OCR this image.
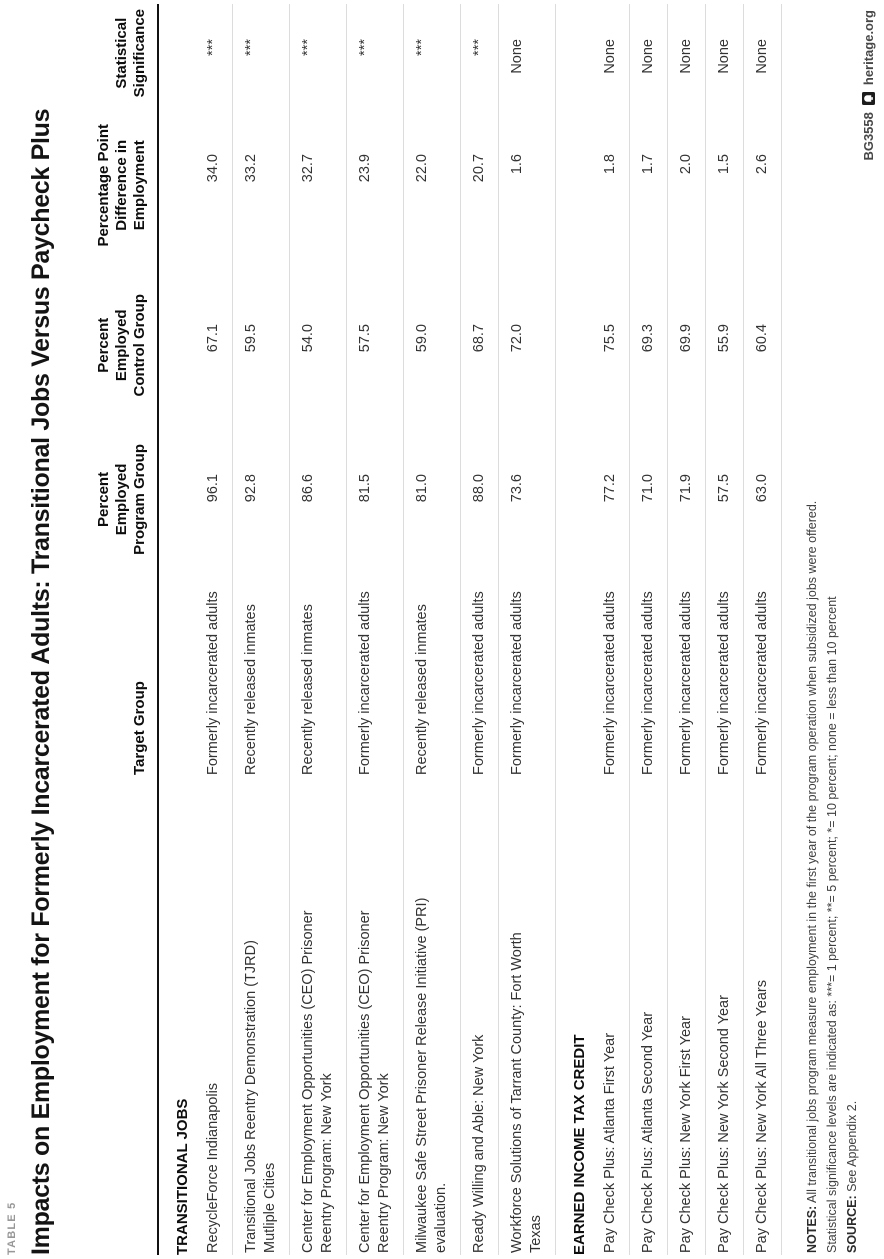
TABLE 5 Impacts on Employment for Formerly Incarcerated Adults: Transitional Jobs Versus Paycheck Plus	Target Group
Percent
Employed
Program Group
Percent
Employed
Control Group
Percentage Point
Difference in
Employment
Statistical
Significance
TRANSITIONAL JOBS RecycleForce Indianapolis
Formerly incarcerated adults
96.1
67.1
34.0
***
Transitional Jobs Reentry Demonstration (TJRD)
Mutliple Cities
Recently released inmates
92.8
59.5
33.2
***
Center for Employment Opportunities (CEO) Prisoner
Reentry Program: New York
Recently released inmates
86.6
54.0
32.7
***
Center for Employment Opportunities (CEO) Prisoner
Reentry Program: New York
Formerly incarcerated adults
81.5
57.5
23.9
***
Milwaukee Safe Street Prisoner Release Initiative (PRI)
evaluation.
Recently released inmates
81.0
59.0
22.0
***
Ready Willing and Able: New York
Formerly incarcerated adults
88.0
68.7
20.7
***
Workforce Solutions of Tarrant County: Fort Worth
Texas
Formerly incarcerated adults
73.6
72.0
1.6
None
EARNED INCOME TAX CREDIT Pay Check Plus: Atlanta First Year
Formerly incarcerated adults
77.2
75.5
1.8
None
Pay Check Plus: Atlanta Second Year
Formerly incarcerated adults
71.0
69.3
1.7
None
Pay Check Plus: New York First Year
Formerly incarcerated adults
71.9
69.9
2.0
None
Pay Check Plus: New York Second Year
Formerly incarcerated adults
57.5
55.9
1.5
None
Pay Check Plus: New York All Three Years
Formerly incarcerated adults
63.0
60.4
2.6
None
NOTES: All transitional jobs program measure employment in the first year of the program operation when subsidized jobs were offered. Statistical significance levels are indicated as: ***= 1 percent; **= 5 percent; *= 10 percent; none = less than 10 percent SOURCE: See Appendix 2.
BG3558
heritage.org
